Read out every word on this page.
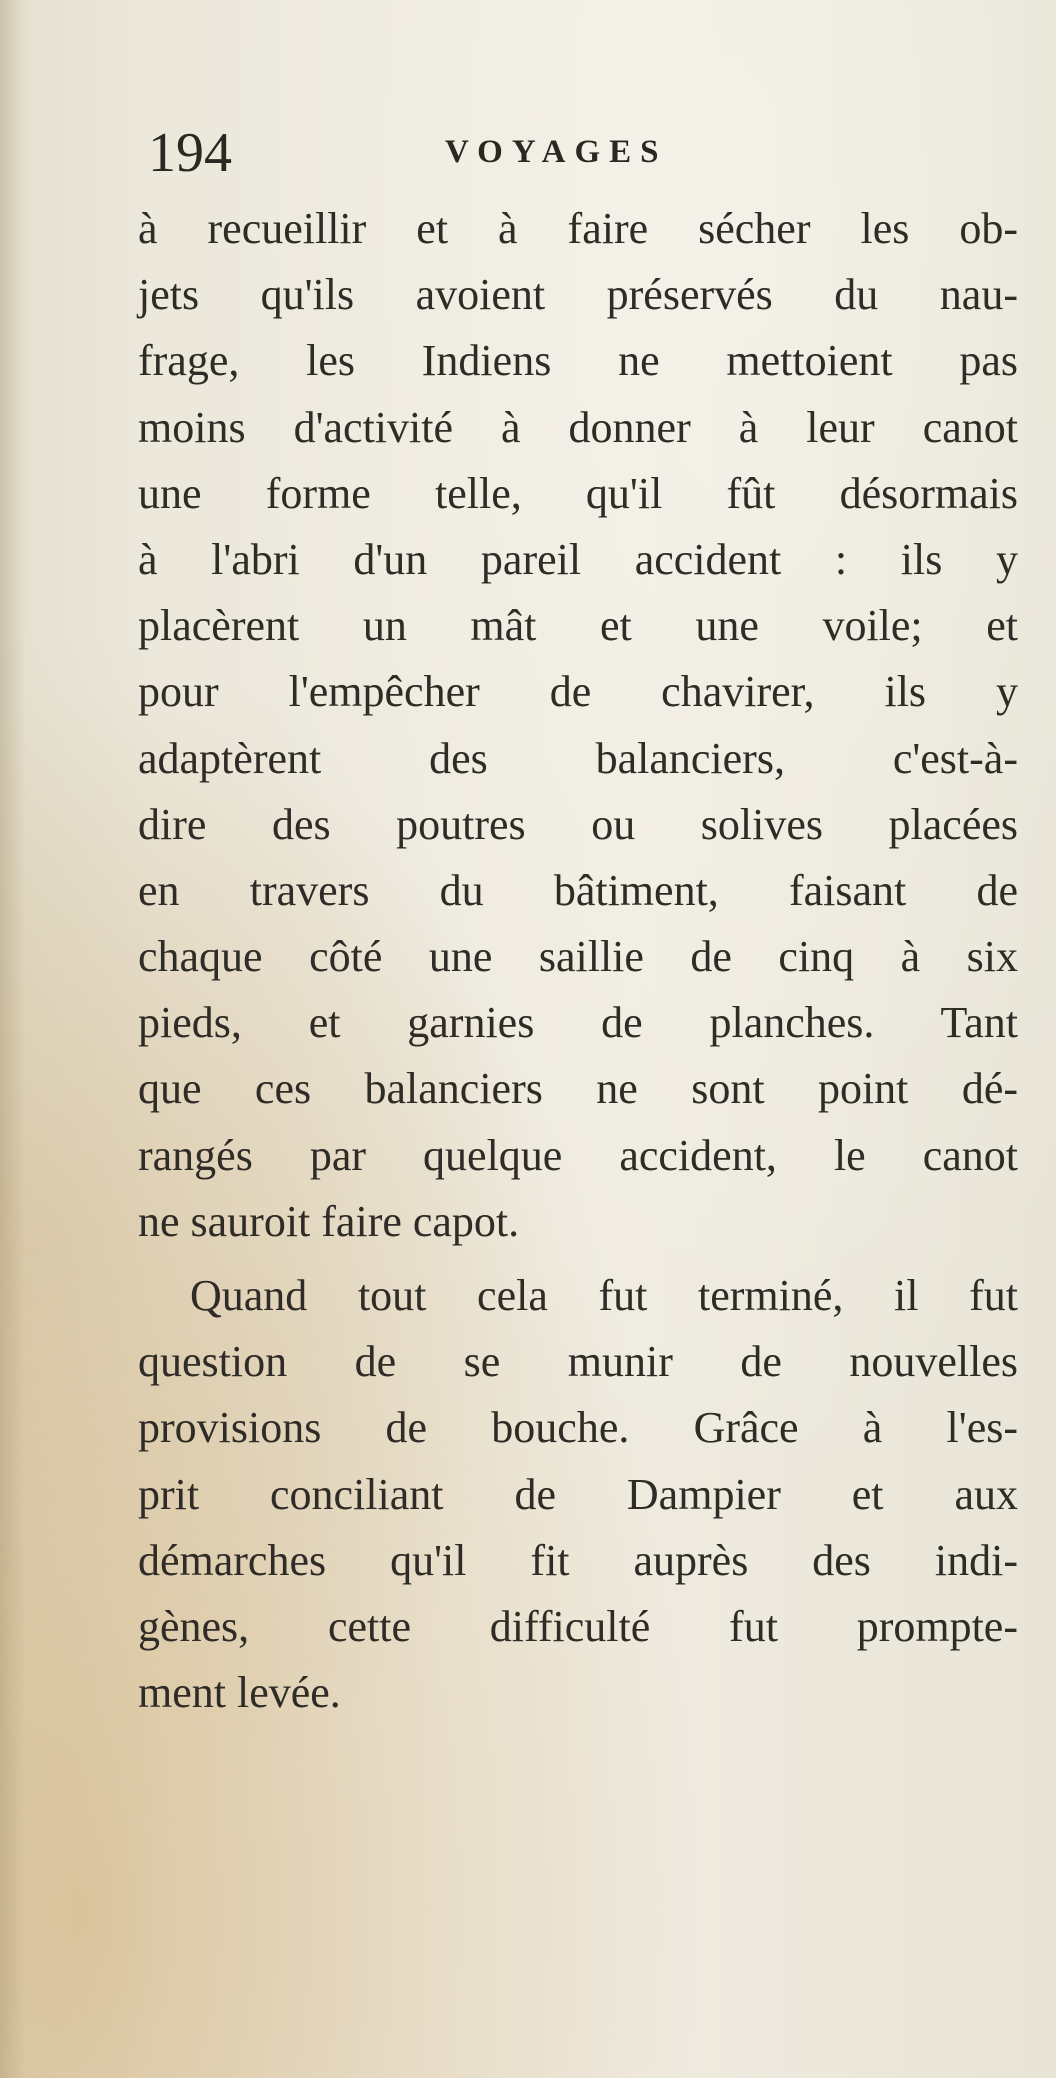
194	VOYAGES
à recueillir et à faire sécher les ob-
jets qu'ils avoient préservés du nau-
frage, les Indiens ne mettoient pas
moins d'activité à donner à leur canot
une forme telle, qu'il fût désormais
à l'abri d'un pareil accident : ils y
placèrent un mât et une voile; et
pour l'empêcher de chavirer, ils y
adaptèrent des balanciers, c'est-à-
dire des poutres ou solives placées
en travers du bâtiment, faisant de
chaque côté une saillie de cinq à six
pieds, et garnies de planches. Tant
que ces balanciers ne sont point dé-
rangés par quelque accident, le canot
ne sauroit faire capot.
Quand tout cela fut terminé, il fut
question de se munir de nouvelles
provisions de bouche. Grâce à l'es-
prit conciliant de Dampier et aux
démarches qu'il fit auprès des indi-
gènes, cette difficulté fut prompte-
ment levée.
